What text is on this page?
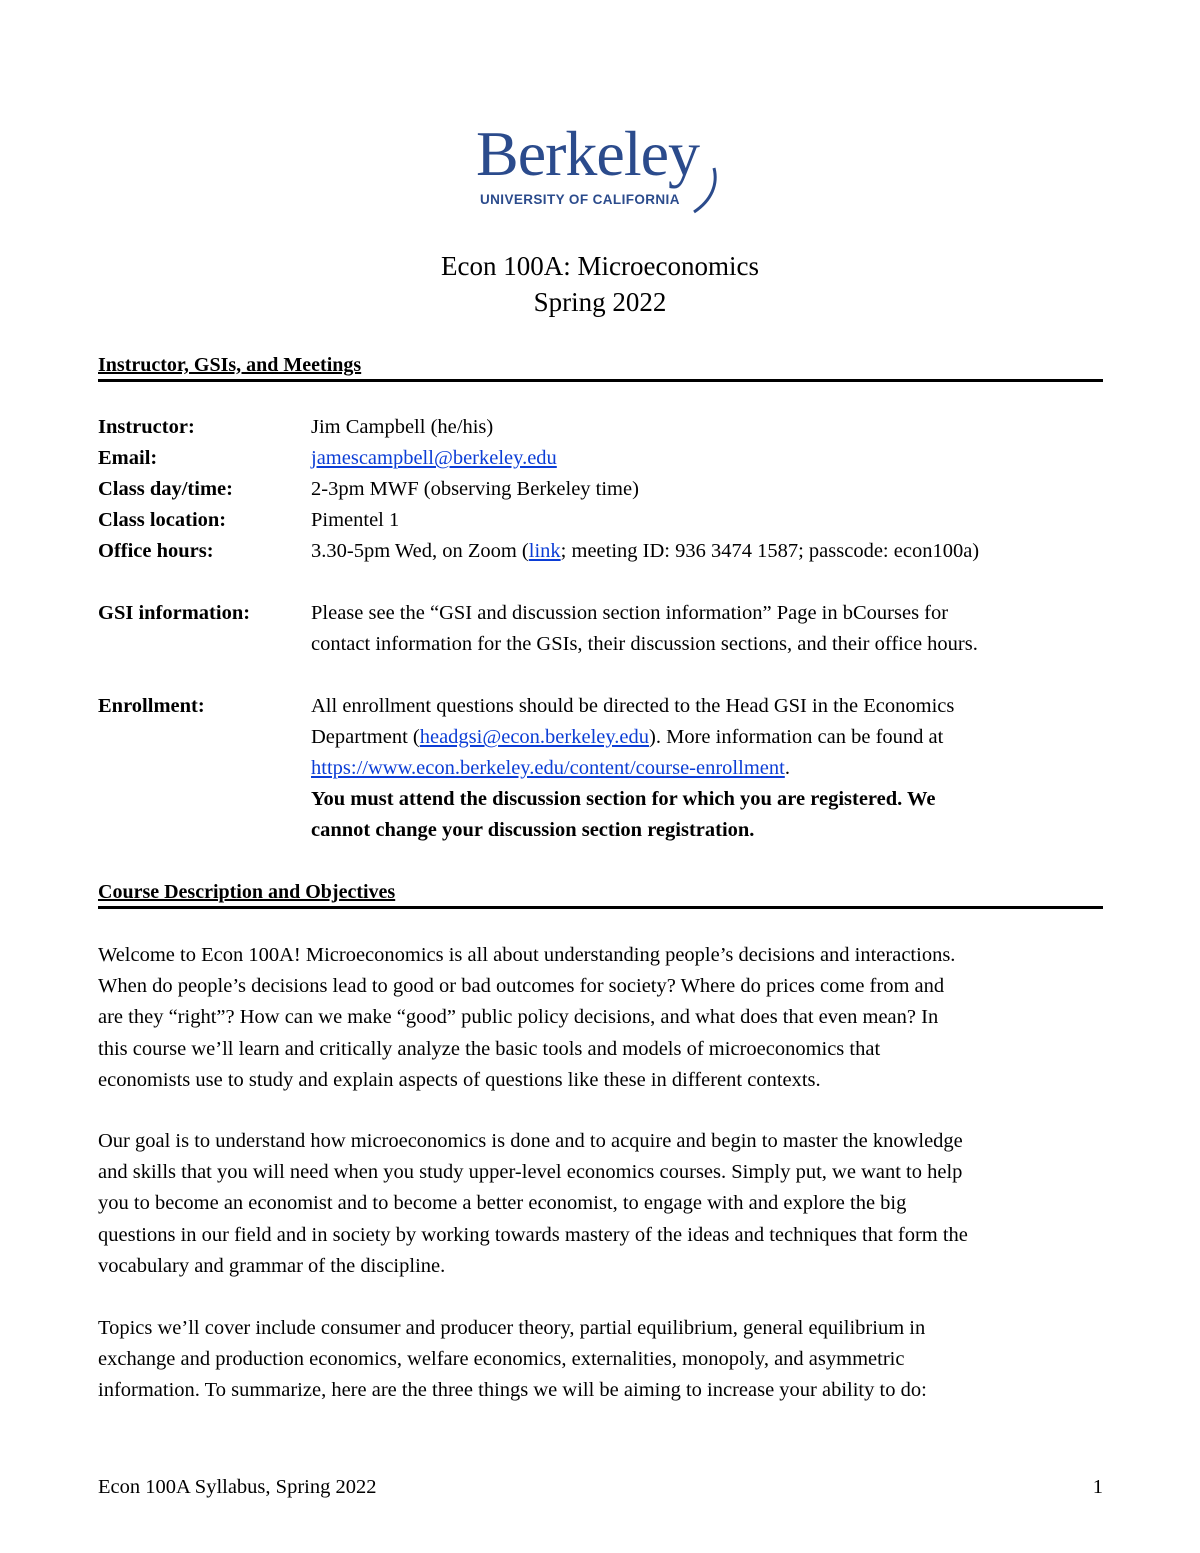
Berkeley
UNIVERSITY OF CALIFORNIA
Econ 100A: Microeconomics
Spring 2022
Instructor, GSIs, and Meetings
Instructor:	Jim Campbell (he/his)
Email:	jamescampbell@berkeley.edu
Class day/time:	2-3pm MWF (observing Berkeley time)
Class location:	Pimentel 1
Office hours:	3.30-5pm Wed, on Zoom (link; meeting ID: 936 3474 1587; passcode: econ100a)
GSI information:	Please see the “GSI and discussion section information” Page in bCourses for
contact information for the GSIs, their discussion sections, and their office hours.
Enrollment:	All enrollment questions should be directed to the Head GSI in the Economics
Department (headgsi@econ.berkeley.edu). More information can be found at
https://www.econ.berkeley.edu/content/course-enrollment.
You must attend the discussion section for which you are registered. We
cannot change your discussion section registration.
Course Description and Objectives
Welcome to Econ 100A! Microeconomics is all about understanding people’s decisions and interactions.
When do people’s decisions lead to good or bad outcomes for society? Where do prices come from and
are they “right”? How can we make “good” public policy decisions, and what does that even mean? In
this course we’ll learn and critically analyze the basic tools and models of microeconomics that
economists use to study and explain aspects of questions like these in different contexts.
Our goal is to understand how microeconomics is done and to acquire and begin to master the knowledge
and skills that you will need when you study upper-level economics courses. Simply put, we want to help
you to become an economist and to become a better economist, to engage with and explore the big
questions in our field and in society by working towards mastery of the ideas and techniques that form the
vocabulary and grammar of the discipline.
Topics we’ll cover include consumer and producer theory, partial equilibrium, general equilibrium in
exchange and production economics, welfare economics, externalities, monopoly, and asymmetric
information. To summarize, here are the three things we will be aiming to increase your ability to do:
Econ 100A Syllabus, Spring 2022	1
